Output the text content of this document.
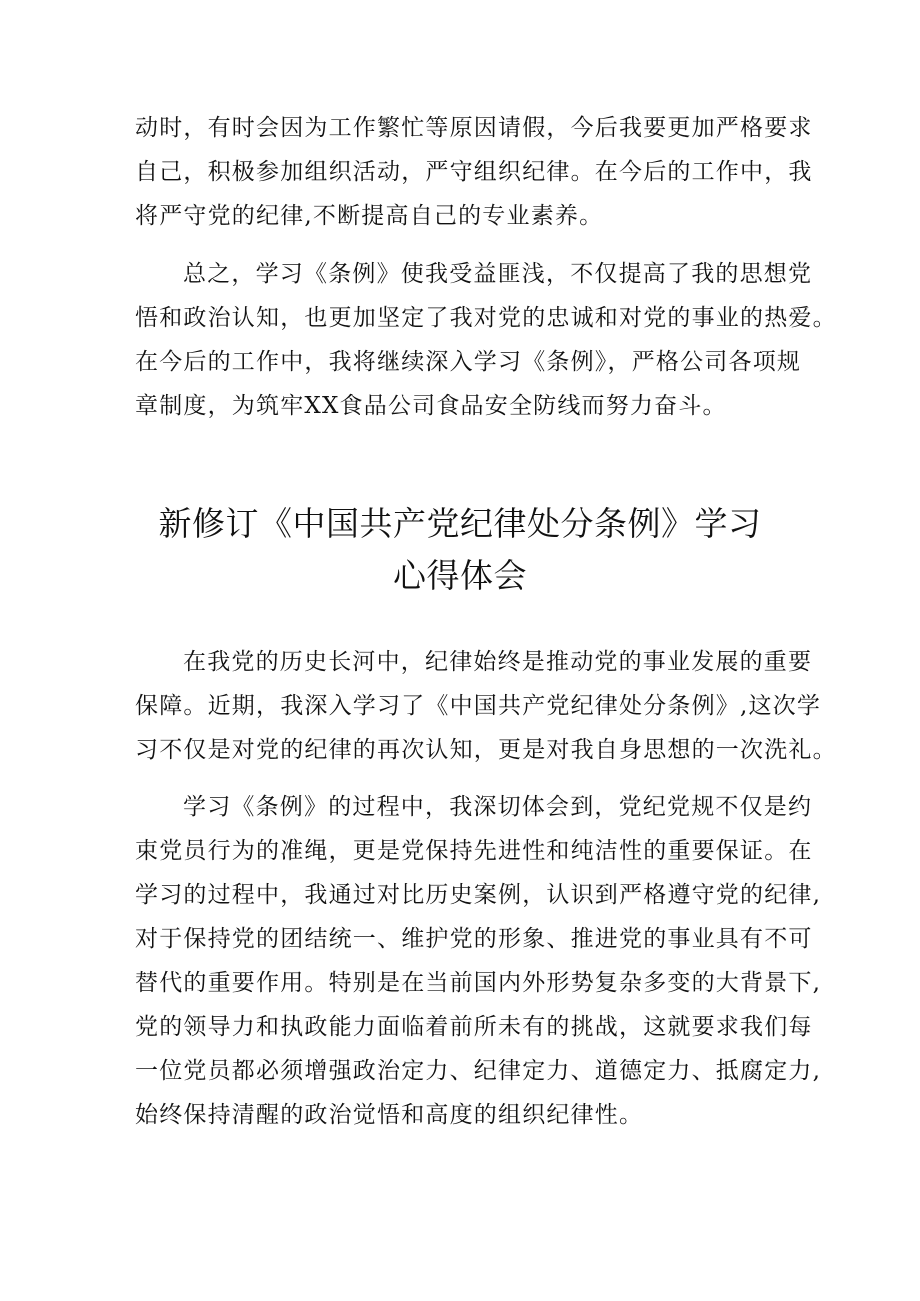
动时，有时会因为工作繁忙等原因请假，今后我要更加严格要求
自己，积极参加组织活动，严守组织纪律。在今后的工作中，我
将严守党的纪律,不断提高自己的专业素养。
总之，学习《条例》使我受益匪浅，不仅提高了我的思想党
悟和政治认知，也更加坚定了我对党的忠诚和对党的事业的热爱。
在今后的工作中，我将继续深入学习《条例》，严格公司各项规
章制度，为筑牢XX食品公司食品安全防线而努力奋斗。
新修订《中国共产党纪律处分条例》学习
心得体会
在我党的历史长河中，纪律始终是推动党的事业发展的重要
保障。近期，我深入学习了《中国共产党纪律处分条例》,这次学
习不仅是对党的纪律的再次认知，更是对我自身思想的一次洗礼。
学习《条例》的过程中，我深切体会到，党纪党规不仅是约
束党员行为的准绳，更是党保持先进性和纯洁性的重要保证。在
学习的过程中，我通过对比历史案例，认识到严格遵守党的纪律,
对于保持党的团结统一、维护党的形象、推进党的事业具有不可
替代的重要作用。特别是在当前国内外形势复杂多变的大背景下,
党的领导力和执政能力面临着前所未有的挑战，这就要求我们每
一位党员都必须增强政治定力、纪律定力、道德定力、抵腐定力,
始终保持清醒的政治觉悟和高度的组织纪律性。
